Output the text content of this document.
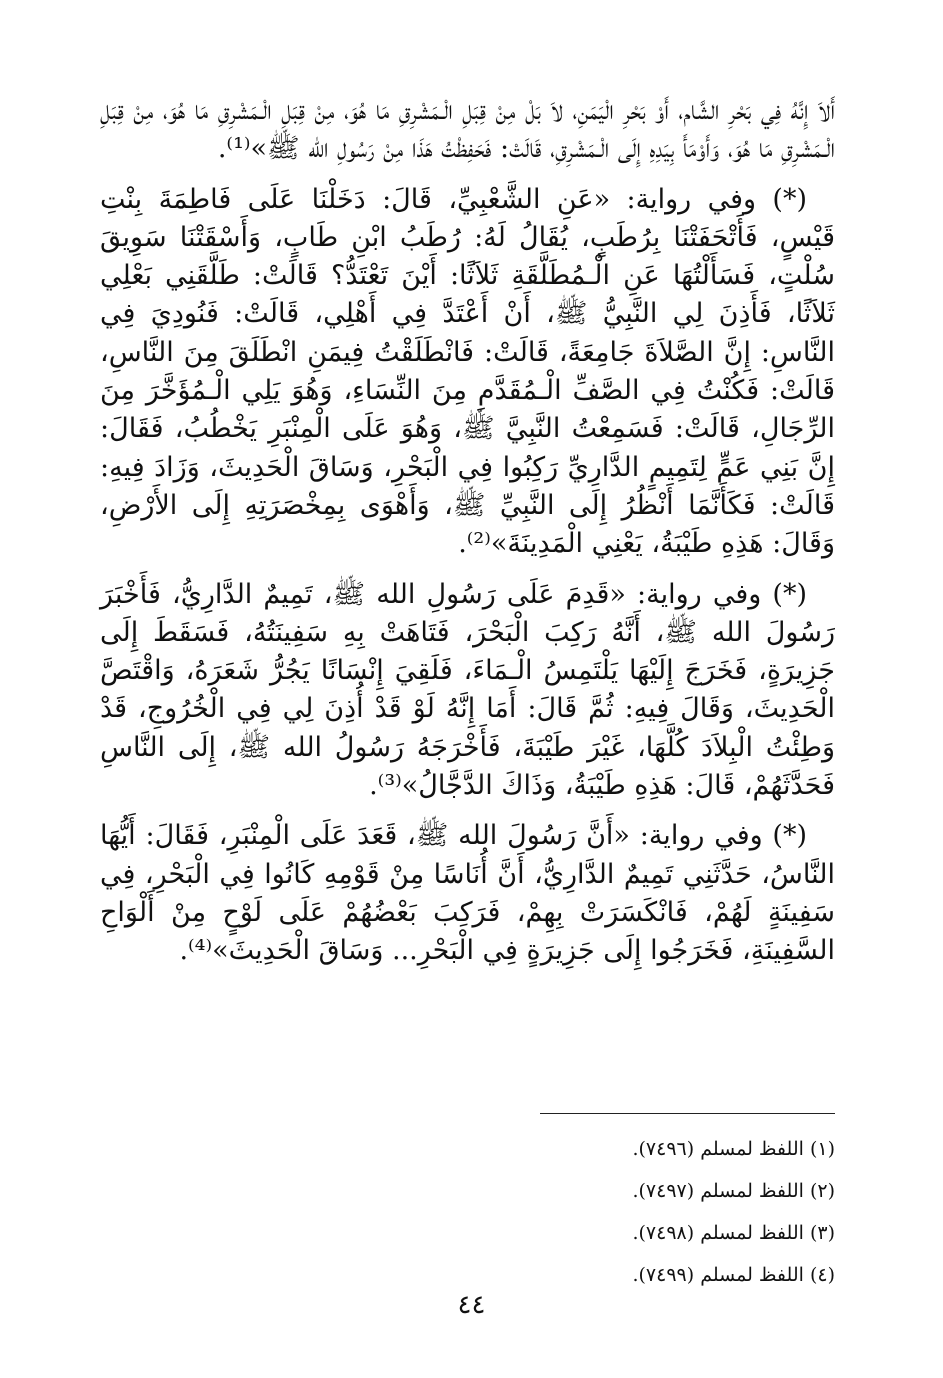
أَلاَ إِنَّهُ فِي بَحْرِ الشَّام، أَوْ بَحْرِ الْيَمَنِ، لاَ بَلْ مِنْ قِبَلِ الْـمَشْرِقِ مَا هُوَ، مِنْ قِبَلِ الْـمَشْرِقِ مَا هُوَ، مِنْ قِبَلِ الْـمَشْرِقِ مَا هُوَ، وَأَوْمَأَ بِيَدِهِ إِلَى الْـمَشْرِقِ، قَالَتْ: فَحَفِظْتُ هَذَا مِنْ رَسُولِ الله ﷺ»⁽¹⁾.

(*) وفي رواية: «عَنِ الشَّعْبِيِّ، قَالَ: دَخَلْنَا عَلَى فَاطِمَةَ بِنْتِ قَيْسٍ، فَأَتْحَفَتْنَا بِرُطَبٍ، يُقَالُ لَهُ: رُطَبُ ابْنِ طَابٍ، وَأَسْقَتْنَا سَوِيقَ سُلْتٍ، فَسَأَلْتُهَا عَنِ الْـمُطَلَّقَةِ ثَلاَثًا: أَيْنَ تَعْتَدُّ؟ قَالَتْ: طَلَّقَنِي بَعْلِي ثَلاَثًا، فَأَذِنَ لِي النَّبِيُّ ﷺ، أَنْ أَعْتَدَّ فِي أَهْلِي، قَالَتْ: فَنُودِيَ فِي النَّاسِ: إِنَّ الصَّلاَةَ جَامِعَةً، قَالَتْ: فَانْطَلَقْتُ فِيمَنِ انْطَلَقَ مِنَ النَّاسِ، قَالَتْ: فَكُنْتُ فِي الصَّفِّ الْـمُقَدَّمِ مِنَ النِّسَاءِ، وَهُوَ يَلِي الْـمُؤَخَّرَ مِنَ الرِّجَالِ، قَالَتْ: فَسَمِعْتُ النَّبِيَّ ﷺ، وَهُوَ عَلَى الْمِنْبَرِ يَخْطُبُ، فَقَالَ: إِنَّ بَنِي عَمٍّ لِتَمِيمٍ الدَّارِيِّ رَكِبُوا فِي الْبَحْرِ، وَسَاقَ الْحَدِيثَ، وَزَادَ فِيهِ: قَالَتْ: فَكَأَنَّمَا أَنْظُرُ إِلَى النَّبِيِّ ﷺ، وَأَهْوَى بِمِخْصَرَتِهِ إِلَى الأَرْضِ، وَقَالَ: هَذِهِ طَيْبَةُ، يَعْنِي الْمَدِينَةَ»⁽²⁾.

(*) وفي رواية: «قَدِمَ عَلَى رَسُولِ الله ﷺ، تَمِيمٌ الدَّارِيُّ، فَأَخْبَرَ رَسُولَ الله ﷺ، أَنَّهُ رَكِبَ الْبَحْرَ، فَتَاهَتْ بِهِ سَفِينَتُهُ، فَسَقَطَ إِلَى جَزِيرَةٍ، فَخَرَجَ إِلَيْهَا يَلْتَمِسُ الْـمَاءَ، فَلَقِيَ إِنْسَانًا يَجُرُّ شَعَرَهُ، وَاقْتَصَّ الْحَدِيثَ، وَقَالَ فِيهِ: ثُمَّ قَالَ: أَمَا إِنَّهُ لَوْ قَدْ أُذِنَ لِي فِي الْخُرُوجِ، قَدْ وَطِئْتُ الْبِلاَدَ كُلَّهَا، غَيْرَ طَيْبَةَ، فَأَخْرَجَهُ رَسُولُ الله ﷺ، إِلَى النَّاسِ فَحَدَّثَهُمْ، قَالَ: هَذِهِ طَيْبَةُ، وَذَاكَ الدَّجَّالُ»⁽³⁾.

(*) وفي رواية: «أَنَّ رَسُولَ الله ﷺ، قَعَدَ عَلَى الْمِنْبَرِ، فَقَالَ: أَيُّهَا النَّاسُ، حَدَّثَنِي تَمِيمٌ الدَّارِيُّ، أَنَّ أُنَاسًا مِنْ قَوْمِهِ كَانُوا فِي الْبَحْرِ، فِي سَفِينَةٍ لَهُمْ، فَانْكَسَرَتْ بِهِمْ، فَرَكِبَ بَعْضُهُمْ عَلَى لَوْحٍ مِنْ أَلْوَاحِ السَّفِينَةِ، فَخَرَجُوا إِلَى جَزِيرَةٍ فِي الْبَحْرِ... وَسَاقَ الْحَدِيثَ»⁽⁴⁾.

(١) اللفظ لمسلم (٧٤٩٦).
(٢) اللفظ لمسلم (٧٤٩٧).
(٣) اللفظ لمسلم (٧٤٩٨).
(٤) اللفظ لمسلم (٧٤٩٩).
٤٤
